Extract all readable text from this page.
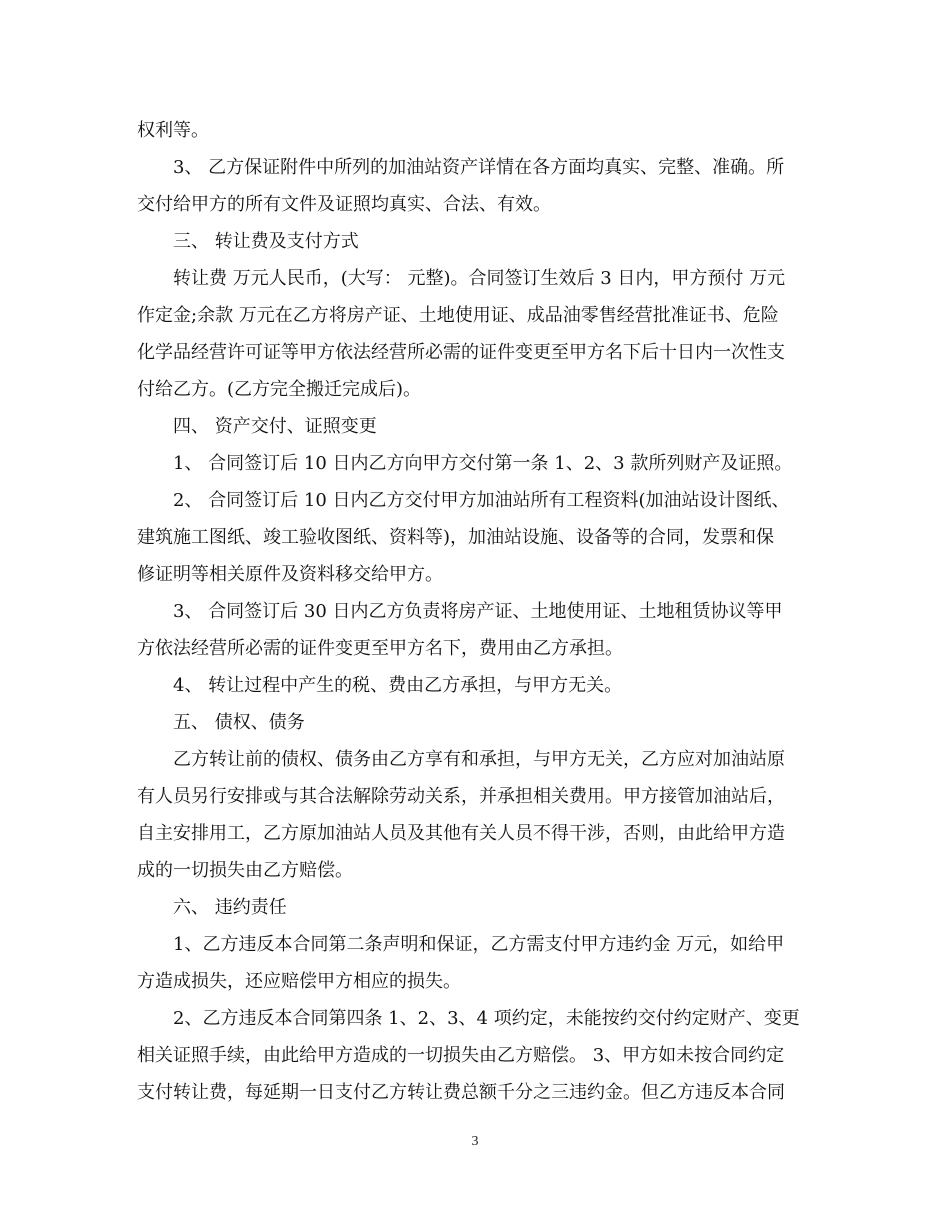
权利等。
3、 乙方保证附件中所列的加油站资产详情在各方面均真实、完整、准确。所
交付给甲方的所有文件及证照均真实、合法、有效。
三、 转让费及支付方式
转让费 万元人民币，(大写： 元整)。合同签订生效后 3 日内，甲方预付 万元
作定金;余款 万元在乙方将房产证、土地使用证、成品油零售经营批准证书、危险
化学品经营许可证等甲方依法经营所必需的证件变更至甲方名下后十日内一次性支
付给乙方。(乙方完全搬迁完成后)。
四、 资产交付、证照变更
1、 合同签订后 10 日内乙方向甲方交付第一条 1、2、3 款所列财产及证照。
2、 合同签订后 10 日内乙方交付甲方加油站所有工程资料(加油站设计图纸、
建筑施工图纸、竣工验收图纸、资料等)，加油站设施、设备等的合同，发票和保
修证明等相关原件及资料移交给甲方。
3、 合同签订后 30 日内乙方负责将房产证、土地使用证、土地租赁协议等甲
方依法经营所必需的证件变更至甲方名下，费用由乙方承担。
4、 转让过程中产生的税、费由乙方承担，与甲方无关。
五、 债权、债务
乙方转让前的债权、债务由乙方享有和承担，与甲方无关，乙方应对加油站原
有人员另行安排或与其合法解除劳动关系，并承担相关费用。甲方接管加油站后，
自主安排用工，乙方原加油站人员及其他有关人员不得干涉，否则，由此给甲方造
成的一切损失由乙方赔偿。
六、 违约责任
1、乙方违反本合同第二条声明和保证，乙方需支付甲方违约金 万元，如给甲
方造成损失，还应赔偿甲方相应的损失。
2、乙方违反本合同第四条 1、2、3、4 项约定，未能按约交付约定财产、变更
相关证照手续，由此给甲方造成的一切损失由乙方赔偿。 3、甲方如未按合同约定
支付转让费，每延期一日支付乙方转让费总额千分之三违约金。但乙方违反本合同
3
